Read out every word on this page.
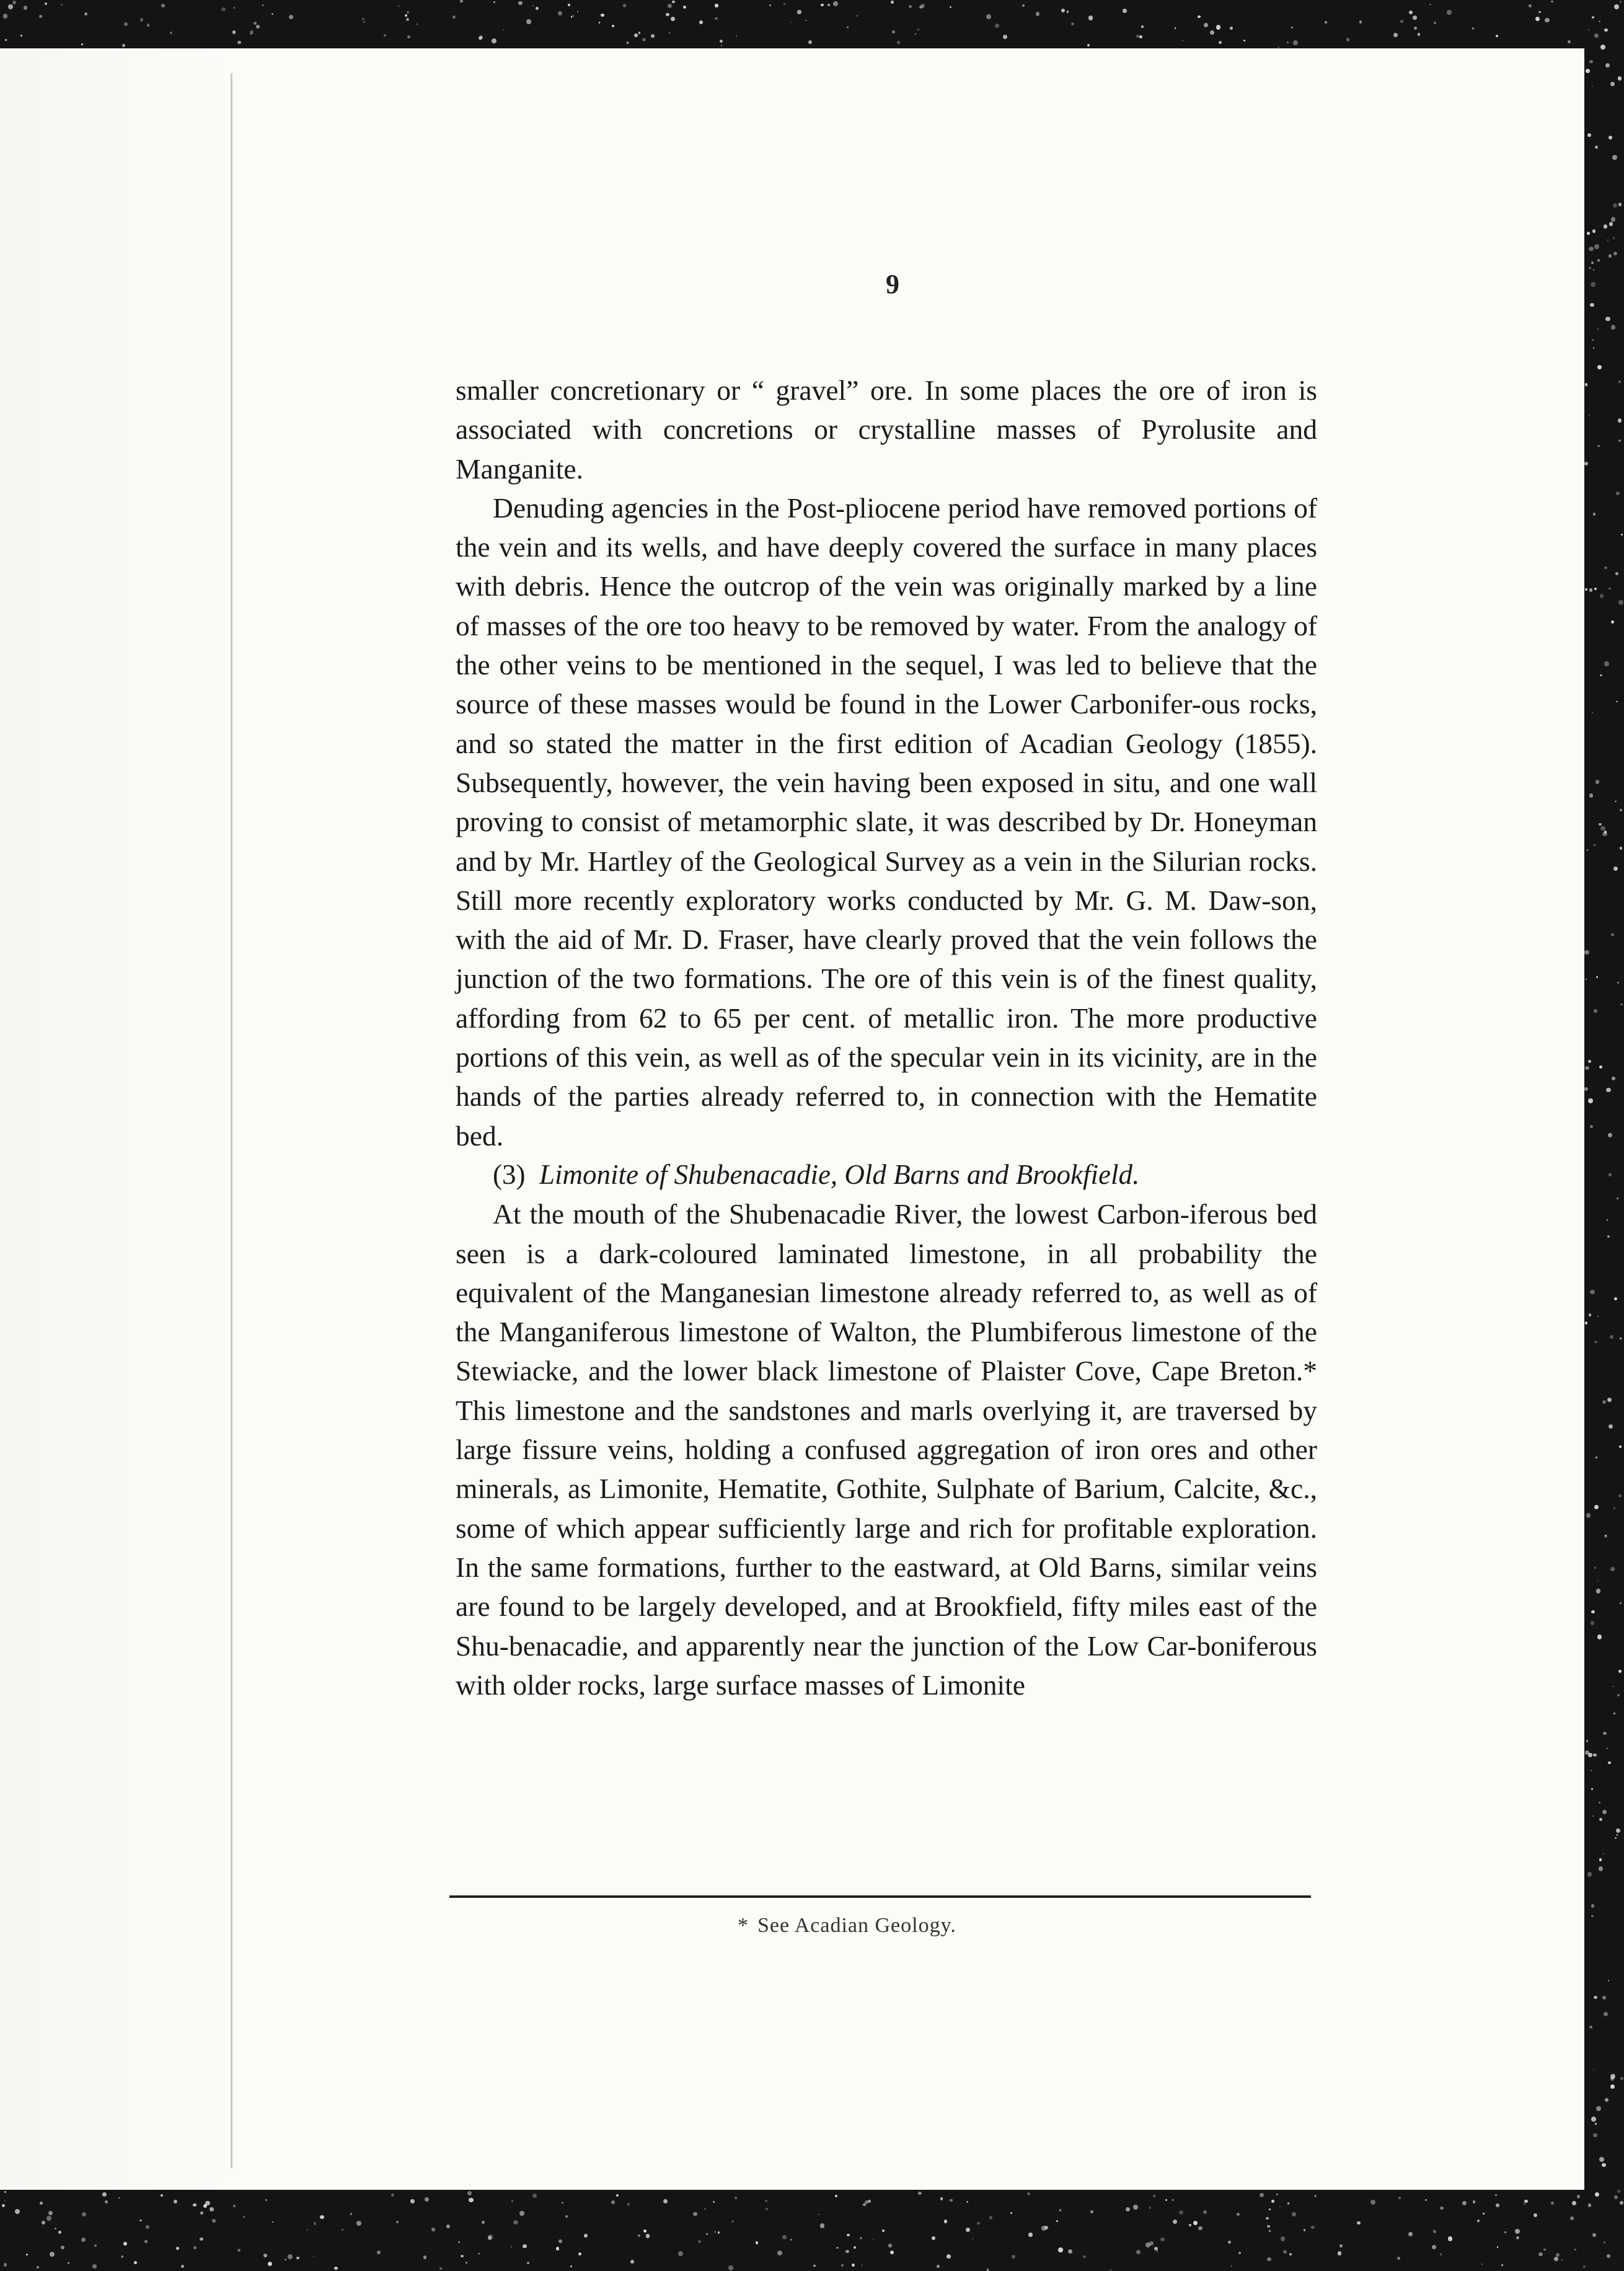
9

smaller concretionary or “ gravel” ore. In some places the ore of iron is associated with concretions or crystalline masses of Pyrolusite and Manganite.

Denuding agencies in the Post-pliocene period have removed portions of the vein and its wells, and have deeply covered the surface in many places with debris. Hence the outcrop of the vein was originally marked by a line of masses of the ore too heavy to be removed by water. From the analogy of the other veins to be mentioned in the sequel, I was led to believe that the source of these masses would be found in the Lower Carbonifer-ous rocks, and so stated the matter in the first edition of Acadian Geology (1855). Subsequently, however, the vein having been exposed in situ, and one wall proving to consist of metamorphic slate, it was described by Dr. Honeyman and by Mr. Hartley of the Geological Survey as a vein in the Silurian rocks. Still more recently exploratory works conducted by Mr. G. M. Daw-son, with the aid of Mr. D. Fraser, have clearly proved that the vein follows the junction of the two formations. The ore of this vein is of the finest quality, affording from 62 to 65 per cent. of metallic iron. The more productive portions of this vein, as well as of the specular vein in its vicinity, are in the hands of the parties already referred to, in connection with the Hematite bed.

(3) Limonite of Shubenacadie, Old Barns and Brookfield.

At the mouth of the Shubenacadie River, the lowest Carbon-iferous bed seen is a dark-coloured laminated limestone, in all probability the equivalent of the Manganesian limestone already referred to, as well as of the Manganiferous limestone of Walton, the Plumbiferous limestone of the Stewiacke, and the lower black limestone of Plaister Cove, Cape Breton.* This limestone and the sandstones and marls overlying it, are traversed by large fissure veins, holding a confused aggregation of iron ores and other minerals, as Limonite, Hematite, Gothite, Sulphate of Barium, Calcite, &c., some of which appear sufficiently large and rich for profitable exploration. In the same formations, further to the eastward, at Old Barns, similar veins are found to be largely developed, and at Brookfield, fifty miles east of the Shu-benacadie, and apparently near the junction of the Low Car-boniferous with older rocks, large surface masses of Limonite

* See Acadian Geology.
